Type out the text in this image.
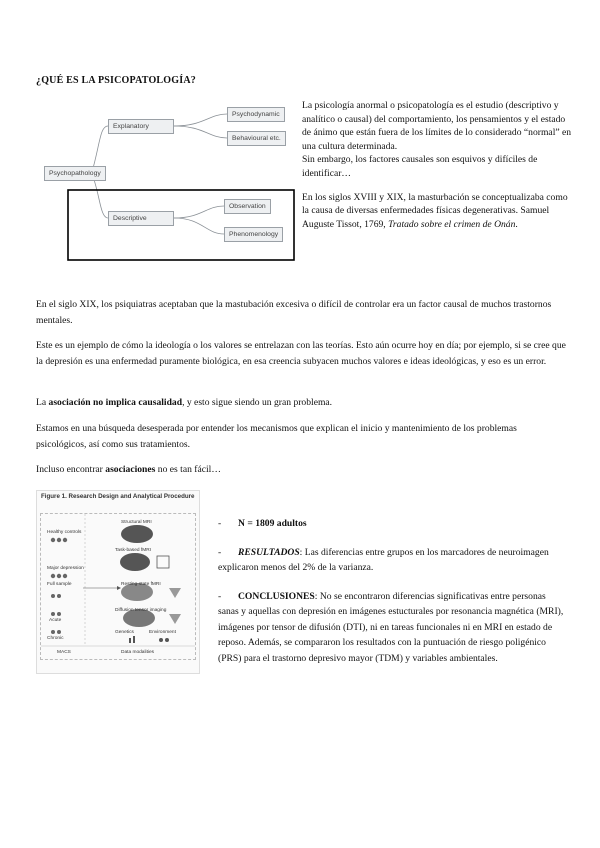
¿QUÉ ES LA PSICOPATOLOGÍA?
Psychopathology
Explanatory
Descriptive
Psychodynamic
Behavioural etc.
Observation
Phenomenology

La psicología anormal o psicopatología es el estudio (descriptivo y analítico o causal) del comportamiento, los pensamientos y el estado de ánimo que están fuera de los límites de lo considerado “normal” en una cultura determinada.
Sin embargo, los factores causales son esquivos y difíciles de identificar…

En los siglos XVIII y XIX, la masturbación se conceptualizaba como la causa de diversas enfermedades físicas degenerativas. Samuel Auguste Tissot, 1769, Tratado sobre el crimen de Onán.

En el siglo XIX, los psiquiatras aceptaban que la mastubación excesiva o difícil de controlar era un factor causal de muchos trastornos mentales.
Este es un ejemplo de cómo la ideología o los valores se entrelazan con las teorías. Esto aún ocurre hoy en día; por ejemplo, si se cree que la depresión es una enfermedad puramente biológica, en esa creencia subyacen muchos valores e ideas ideológicas, y eso es un error.
La asociación no implica causalidad, y esto sigue siendo un gran problema.
Estamos en una búsqueda desesperada por entender los mecanismos que explican el inicio y mantenimiento de los problemas psicológicos, así como sus tratamientos.
Incluso encontrar asociaciones no es tan fácil…
Figure 1. Research Design and Analytical Procedure
Healthy controls
Major depression
Full sample
Acute
Chronic
Structural MRI
Task-based fMRI
Resting-state fMRI
Diffusion tensor imaging
Genetics	Environment
MACS	Data modalities

- N = 1809 adultos

- RESULTADOS: Las diferencias entre grupos en los marcadores de neuroimagen explicaron menos del 2% de la varianza.

- CONCLUSIONES: No se encontraron diferencias significativas entre personas sanas y aquellas con depresión en imágenes estucturales por resonancia magnética (MRI), imágenes por tensor de difusión (DTI), ni en tareas funcionales ni en MRI en estado de reposo. Además, se compararon los resultados con la puntuación de riesgo poligénico (PRS) para el trastorno depresivo mayor (TDM) y variables ambientales.
